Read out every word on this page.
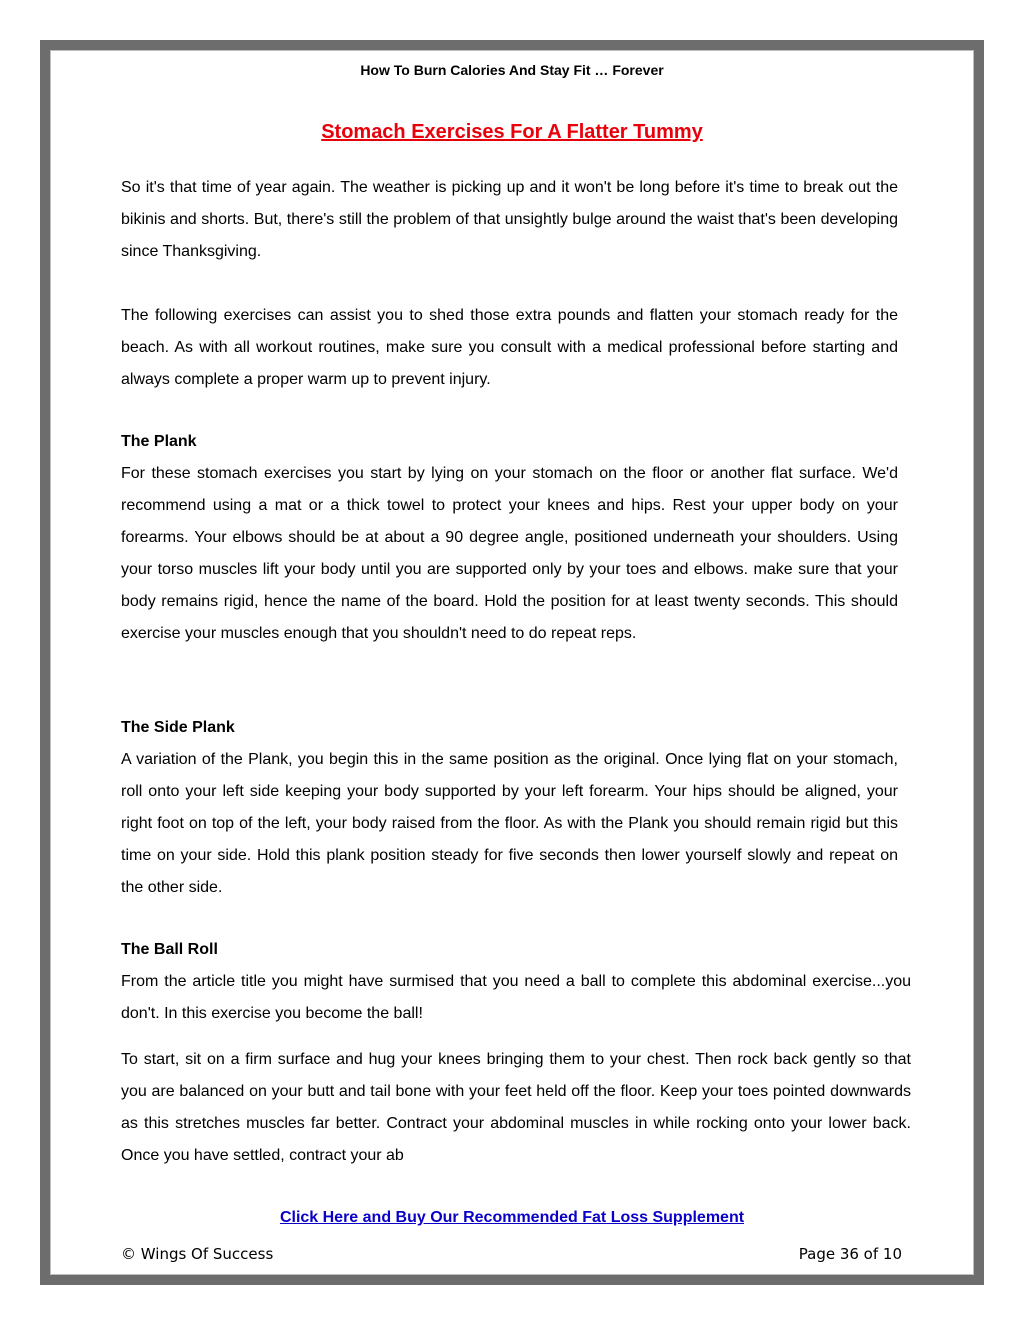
How To Burn Calories And Stay Fit … Forever
Stomach Exercises For A Flatter Tummy
So it's that time of year again. The weather is picking up and it won't be long before it's time to break out the bikinis and shorts. But, there's still the problem of that unsightly bulge around the waist that's been developing since Thanksgiving.
The following exercises can assist you to shed those extra pounds and flatten your stomach ready for the beach. As with all workout routines, make sure you consult with a medical professional before starting and always complete a proper warm up to prevent injury.
The Plank
For these stomach exercises you start by lying on your stomach on the floor or another flat surface. We'd recommend using a mat or a thick towel to protect your knees and hips. Rest your upper body on your forearms. Your elbows should be at about a 90 degree angle, positioned underneath your shoulders. Using your torso muscles lift your body until you are supported only by your toes and elbows. make sure that your body remains rigid, hence the name of the board. Hold the position for at least twenty seconds. This should exercise your muscles enough that you shouldn't need to do repeat reps.
The Side Plank
A variation of the Plank, you begin this in the same position as the original. Once lying flat on your stomach, roll onto your left side keeping your body supported by your left forearm. Your hips should be aligned, your right foot on top of the left, your body raised from the floor. As with the Plank you should remain rigid but this time on your side. Hold this plank position steady for five seconds then lower yourself slowly and repeat on the other side.
The Ball Roll
From the article title you might have surmised that you need a ball to complete this abdominal exercise...you don't. In this exercise you become the ball!
To start, sit on a firm surface and hug your knees bringing them to your chest. Then rock back gently so that you are balanced on your butt and tail bone with your feet held off the floor. Keep your toes pointed downwards as this stretches muscles far better. Contract your abdominal muscles in while rocking onto your lower back. Once you have settled, contract your ab
Click Here and Buy Our Recommended Fat Loss Supplement
© Wings Of Success	Page 36 of 10
